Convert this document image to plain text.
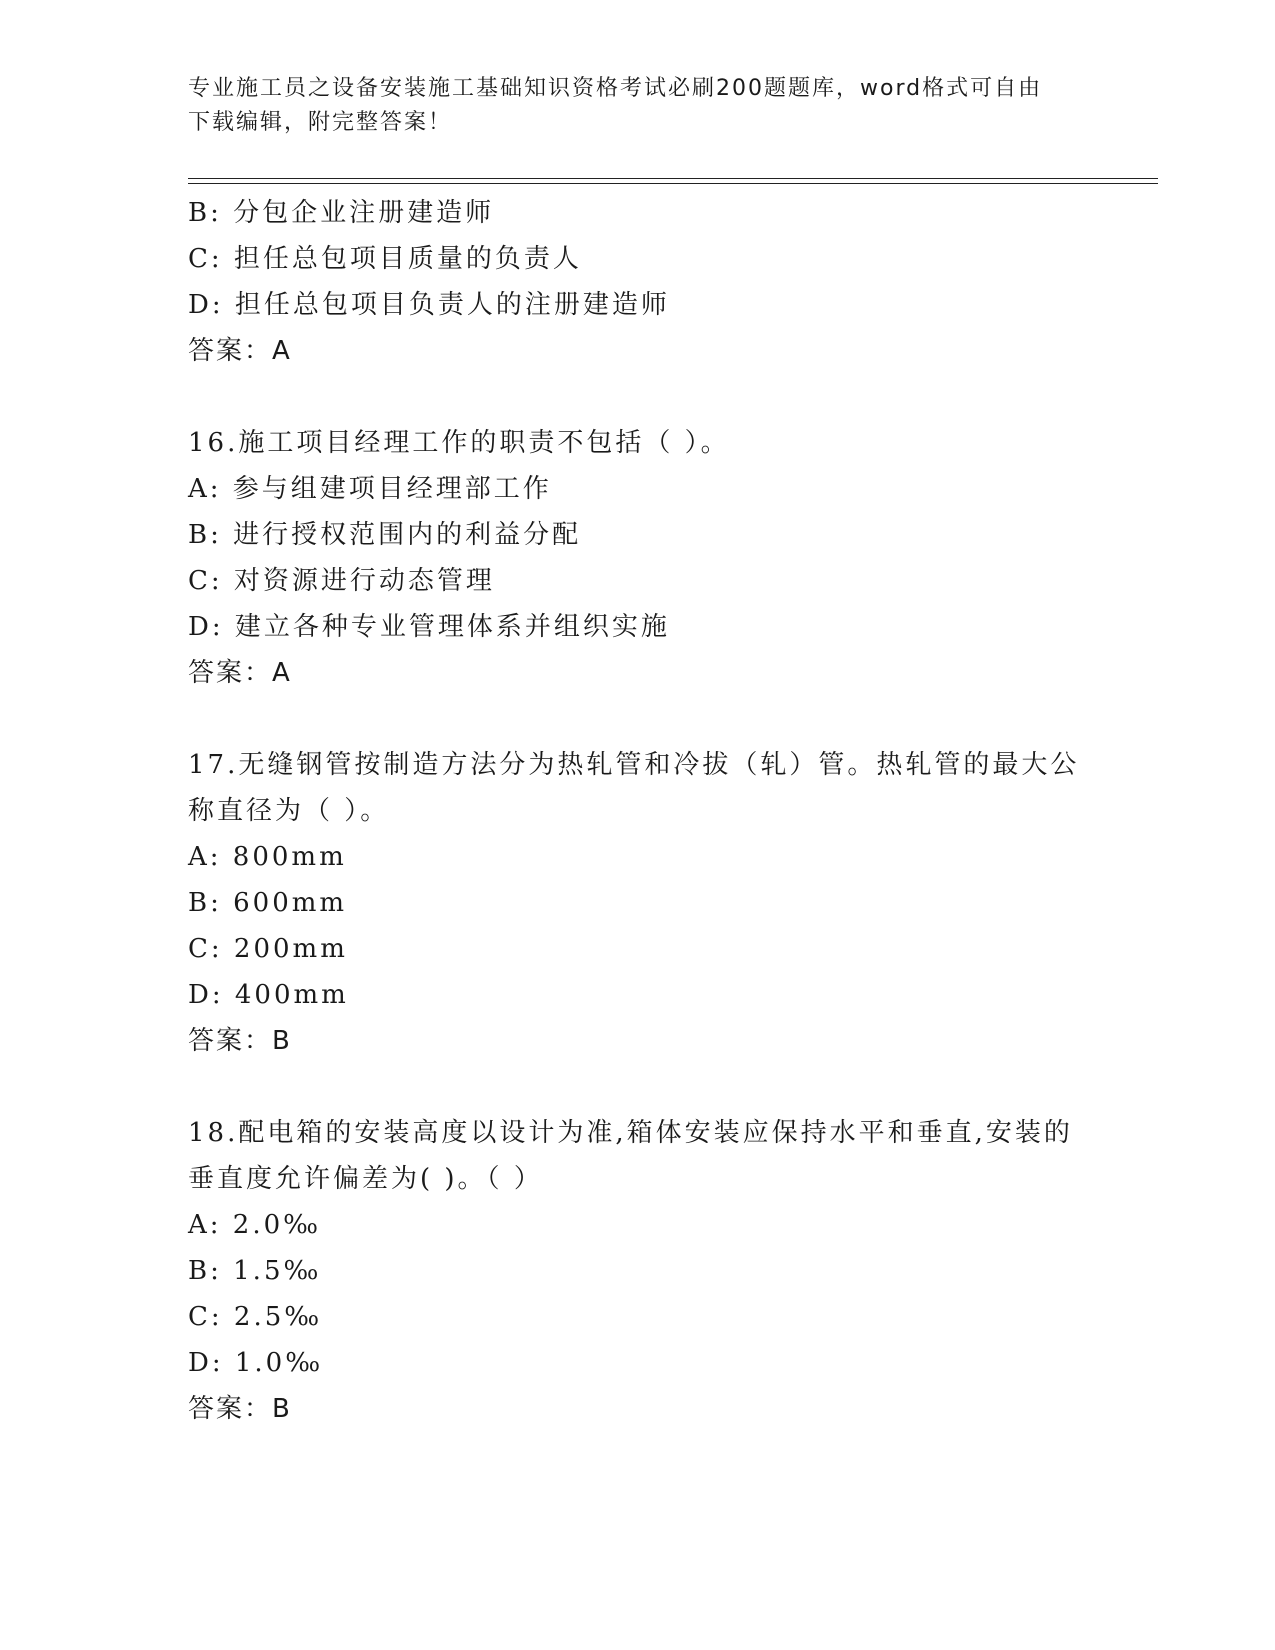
专业施工员之设备安装施工基础知识资格考试必刷200题题库，word格式可自由
下载编辑，附完整答案！
B: 分包企业注册建造师
C: 担任总包项目质量的负责人
D: 担任总包项目负责人的注册建造师
答案：A
16.施工项目经理工作的职责不包括（ ）。
A: 参与组建项目经理部工作
B: 进行授权范围内的利益分配
C: 对资源进行动态管理
D: 建立各种专业管理体系并组织实施
答案：A
17.无缝钢管按制造方法分为热轧管和冷拔（轧）管。热轧管的最大公
称直径为（ ）。
A: 800mm
B: 600mm
C: 200mm
D: 400mm
答案：B
18.配电箱的安装高度以设计为准,箱体安装应保持水平和垂直,安装的
垂直度允许偏差为( )。（ ）
A: 2.0‰
B: 1.5‰
C: 2.5‰
D: 1.0‰
答案：B
